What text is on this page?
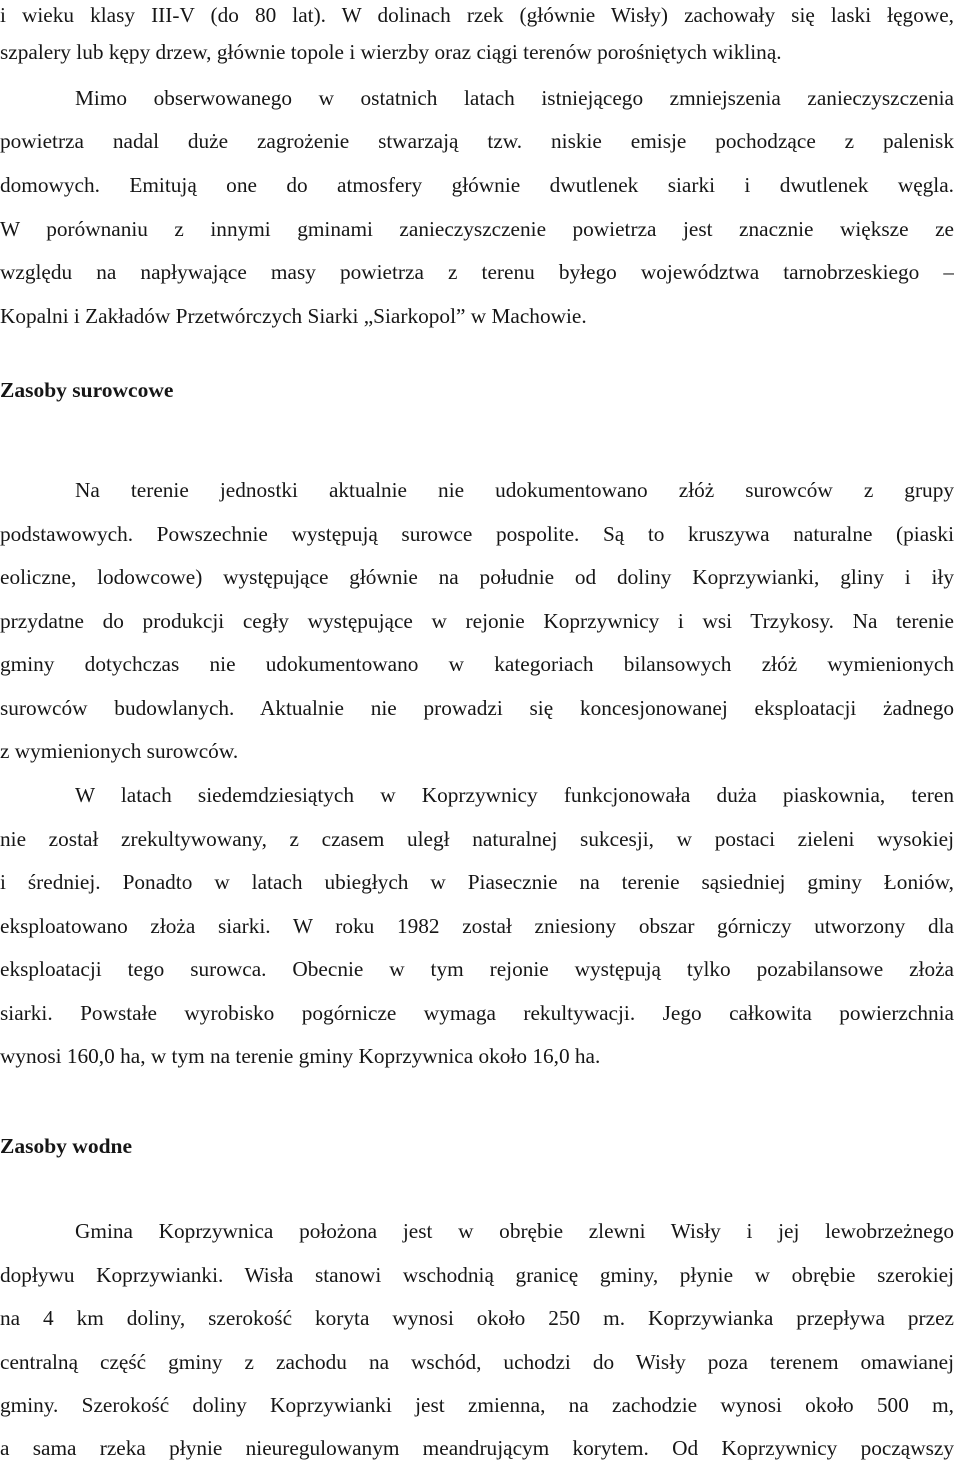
i wieku klasy III-V (do 80 lat). W dolinach rzek (głównie Wisły) zachowały się laski łęgowe,
szpalery lub kępy drzew, głównie topole i wierzby oraz ciągi terenów porośniętych wikliną.
Mimo obserwowanego w ostatnich latach istniejącego zmniejszenia zanieczyszczenia
powietrza nadal duże zagrożenie stwarzają tzw. niskie emisje pochodzące z palenisk
domowych. Emitują one do atmosfery głównie dwutlenek siarki i dwutlenek węgla.
W porównaniu z innymi gminami zanieczyszczenie powietrza jest znacznie większe ze
względu na napływające masy powietrza z terenu byłego województwa tarnobrzeskiego –
Kopalni i Zakładów Przetwórczych Siarki „Siarkopol” w Machowie.
Zasoby surowcowe
Na terenie jednostki aktualnie nie udokumentowano złóż surowców z grupy
podstawowych. Powszechnie występują surowce pospolite. Są to kruszywa naturalne (piaski
eoliczne, lodowcowe) występujące głównie na południe od doliny Koprzywianki, gliny i iły
przydatne do produkcji cegły występujące w rejonie Koprzywnicy i wsi Trzykosy. Na terenie
gminy dotychczas nie udokumentowano w kategoriach bilansowych złóż wymienionych
surowców budowlanych. Aktualnie nie prowadzi się koncesjonowanej eksploatacji żadnego
z wymienionych surowców.
W latach siedemdziesiątych w Koprzywnicy funkcjonowała duża piaskownia, teren
nie został zrekultywowany, z czasem uległ naturalnej sukcesji, w postaci zieleni wysokiej
i średniej. Ponadto w latach ubiegłych w Piasecznie na terenie sąsiedniej gminy Łoniów,
eksploatowano złoża siarki. W roku 1982 został zniesiony obszar górniczy utworzony dla
eksploatacji tego surowca. Obecnie w tym rejonie występują tylko pozabilansowe złoża
siarki. Powstałe wyrobisko pogórnicze wymaga rekultywacji. Jego całkowita powierzchnia
wynosi 160,0 ha, w tym na terenie gminy Koprzywnica około 16,0 ha.
Zasoby wodne
Gmina Koprzywnica położona jest w obrębie zlewni Wisły i jej lewobrzeżnego
dopływu Koprzywianki. Wisła stanowi wschodnią granicę gminy, płynie w obrębie szerokiej
na 4 km doliny, szerokość koryta wynosi około 250 m. Koprzywianka przepływa przez
centralną część gminy z zachodu na wschód, uchodzi do Wisły poza terenem omawianej
gminy. Szerokość doliny Koprzywianki jest zmienna, na zachodzie wynosi około 500 m,
a sama rzeka płynie nieuregulowanym meandrującym korytem. Od Koprzywnicy począwszy
